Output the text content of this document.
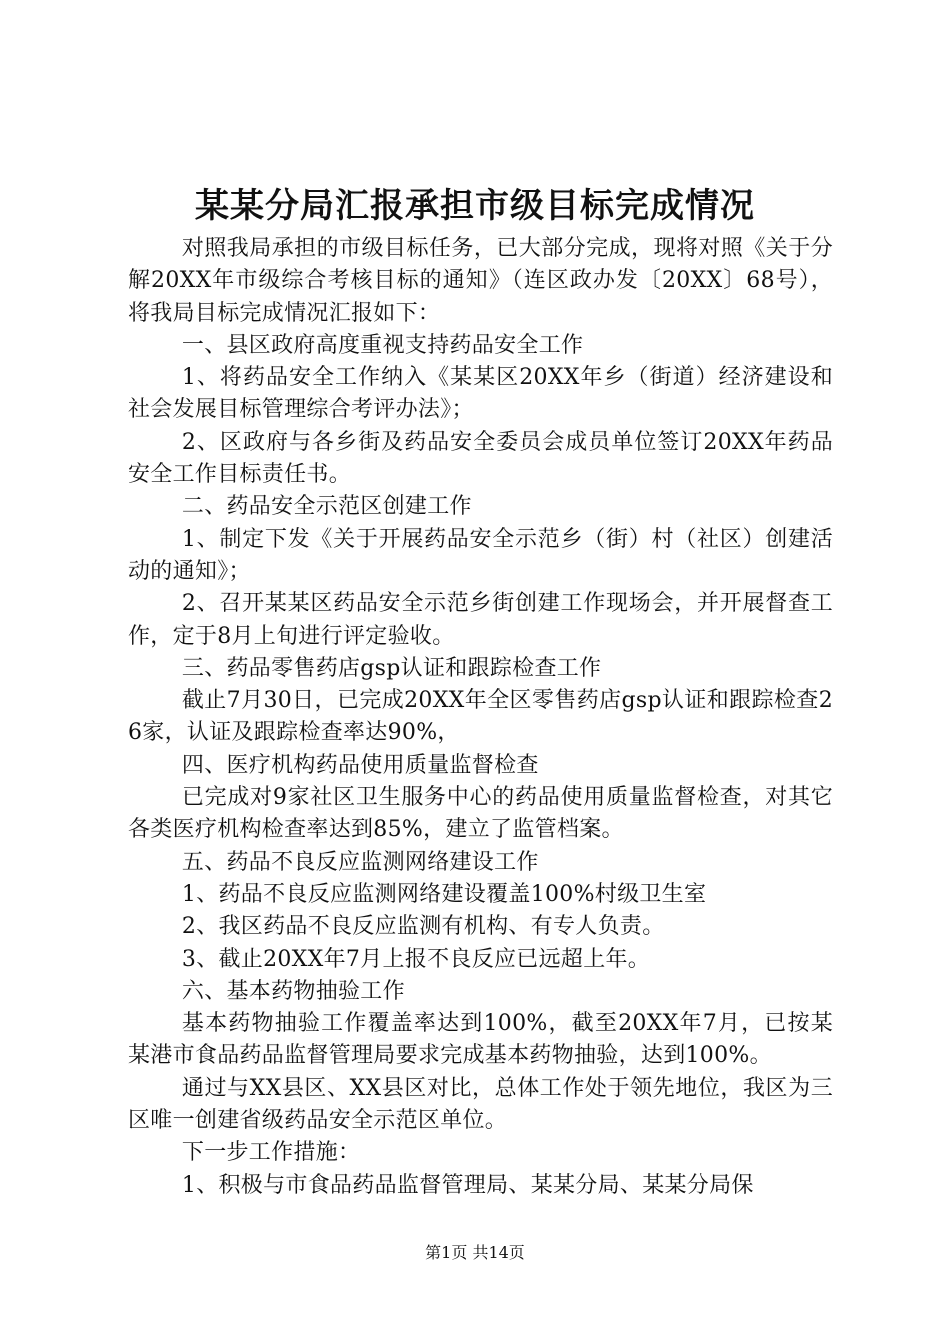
某某分局汇报承担市级目标完成情况

对照我局承担的市级目标任务，已大部分完成，现将对照《关于分解20XX年市级综合考核目标的通知》（连区政办发〔20XX〕68号），将我局目标完成情况汇报如下：

一、县区政府高度重视支持药品安全工作

1、将药品安全工作纳入《某某区20XX年乡（街道）经济建设和社会发展目标管理综合考评办法》；

2、区政府与各乡街及药品安全委员会成员单位签订20XX年药品安全工作目标责任书。

二、药品安全示范区创建工作

1、制定下发《关于开展药品安全示范乡（街）村（社区）创建活动的通知》；

2、召开某某区药品安全示范乡街创建工作现场会，并开展督查工作，定于8月上旬进行评定验收。

三、药品零售药店gsp认证和跟踪检查工作

截止7月30日，已完成20XX年全区零售药店gsp认证和跟踪检查26家，认证及跟踪检查率达90%，

四、医疗机构药品使用质量监督检查

已完成对9家社区卫生服务中心的药品使用质量监督检查，对其它各类医疗机构检查率达到85%，建立了监管档案。

五、药品不良反应监测网络建设工作

1、药品不良反应监测网络建设覆盖100%村级卫生室

2、我区药品不良反应监测有机构、有专人负责。

3、截止20XX年7月上报不良反应已远超上年。

六、基本药物抽验工作

基本药物抽验工作覆盖率达到100%，截至20XX年7月，已按某某港市食品药品监督管理局要求完成基本药物抽验，达到100%。

通过与XX县区、XX县区对比，总体工作处于领先地位，我区为三区唯一创建省级药品安全示范区单位。

下一步工作措施：

1、积极与市食品药品监督管理局、某某分局、某某分局保

第1页 共14页
